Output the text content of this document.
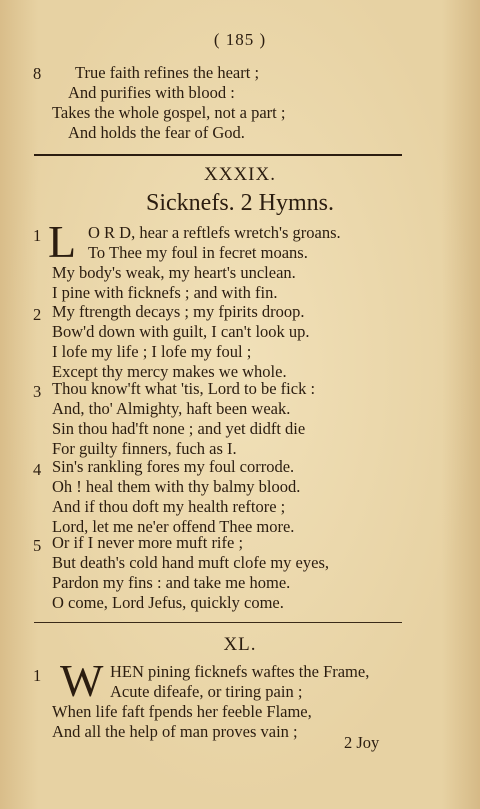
( 185 )
8 True faith refines the heart ;
And purifies with blood :
Takes the whole gospel, not a part ;
And holds the fear of God.
XXXIX.
Sicknefs. 2 Hymns.
1 L O R D, hear a reftlefs wretch's groans.
To Thee my foul in fecret moans.
My body's weak, my heart's unclean.
I pine with ficknefs ; and with fin.
2 My ftrength decays ; my fpirits droop.
Bow'd down with guilt, I can't look up.
I lofe my life ; I lofe my foul ;
Except thy mercy makes we whole.
3 Thou know'ft what 'tis, Lord to be fick :
And, tho' Almighty, haft been weak.
Sin thou had'ft none ; and yet didft die
For guilty finners, fuch as I.
4 Sin's rankling fores my foul corrode.
Oh ! heal them with thy balmy blood.
And if thou doft my health reftore ;
Lord, let me ne'er offend Thee more.
5 Or if I never more muft rife ;
But death's cold hand muft clofe my eyes,
Pardon my fins : and take me home.
O come, Lord Jefus, quickly come.
XL.
1 W HEN pining ficknefs waftes the Frame,
Acute difeafe, or tiring pain ;
When life faft fpends her feeble Flame,
And all the help of man proves vain ;
2 Joy
